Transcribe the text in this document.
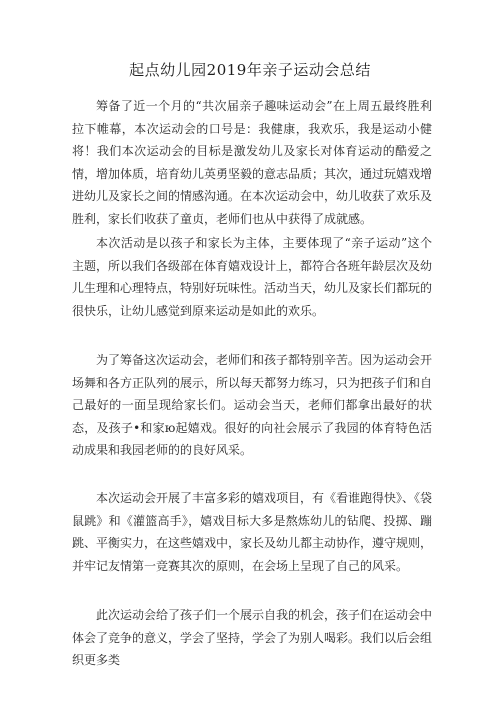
起点幼儿园2019年亲子运动会总结

筹备了近一个月的“共次届亲子趣味运动会”在上周五最终胜利拉下帷幕，本次运动会的口号是：我健康，我欢乐，我是运动小健将！我们本次运动会的目标是激发幼儿及家长对体育运动的酷爱之情，增加体质，培育幼儿英勇坚毅的意志品质；其次，通过玩嬉戏增进幼儿及家长之间的情感沟通。在本次运动会中，幼儿收获了欢乐及胜利，家长们收获了童贞，老师们也从中获得了成就感。

本次活动是以孩子和家长为主体，主要体现了“亲子运动”这个主题，所以我们各级部在体育嬉戏设计上，都符合各班年龄层次及幼儿生理和心理特点，特别好玩味性。活动当天，幼儿及家长们都玩的很快乐，让幼儿感觉到原来运动是如此的欢乐。

为了筹备这次运动会，老师们和孩子都特别辛苦。因为运动会开场舞和各方正队列的展示，所以每天都努力练习，只为把孩子们和自己最好的一面呈现给家长们。运动会当天，老师们都拿出最好的状态，及孩子•和家ю起嬉戏。很好的向社会展示了我园的体育特色活动成果和我园老师的的良好风采。

本次运动会开展了丰富多彩的嬉戏项目，有《看谁跑得快》、《袋鼠跳》和《灌篮高手》，嬉戏目标大多是熬炼幼儿的钻爬、投掷、蹦跳、平衡实力，在这些嬉戏中，家长及幼儿都主动协作，遵守规则，并牢记友情第一竞赛其次的原则，在会场上呈现了自己的风采。

此次运动会给了孩子们一个展示自我的机会，孩子们在运动会中体会了竞争的意义，学会了坚持，学会了为别人喝彩。我们以后会组织更多类
